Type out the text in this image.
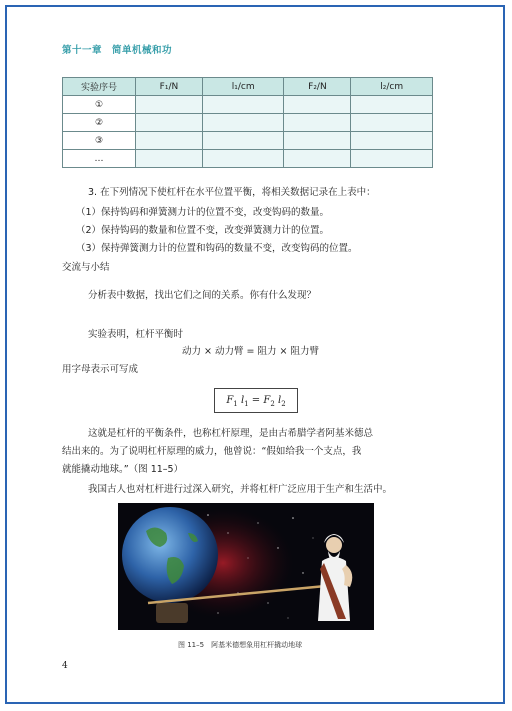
第十一章　简单机械和功
实验序号	F₁/N	l₁/cm	F₂/N	l₂/cm
①				
②				
③				
…				
3. 在下列情况下使杠杆在水平位置平衡，将相关数据记录在上表中：
（1）保持钩码和弹簧测力计的位置不变，改变钩码的数量。
（2）保持钩码的数量和位置不变，改变弹簧测力计的位置。
（3）保持弹簧测力计的位置和钩码的数量不变，改变钩码的位置。
交流与小结
分析表中数据，找出它们之间的关系。你有什么发现？
实验表明，杠杆平衡时
动力 × 动力臂 = 阻力 × 阻力臂
用字母表示可写成
$F_1$ $l_1 = F_2$ $l_2$
这就是杠杆的平衡条件，也称杠杆原理，是由古希腊学者阿基米德总
结出来的。为了说明杠杆原理的威力，他曾说：“假如给我一个支点，我
就能撬动地球。”（图 11–5）
我国古人也对杠杆进行过深入研究，并将杠杆广泛应用于生产和生活中。
图 11–5　阿基米德想象用杠杆撬动地球
4
